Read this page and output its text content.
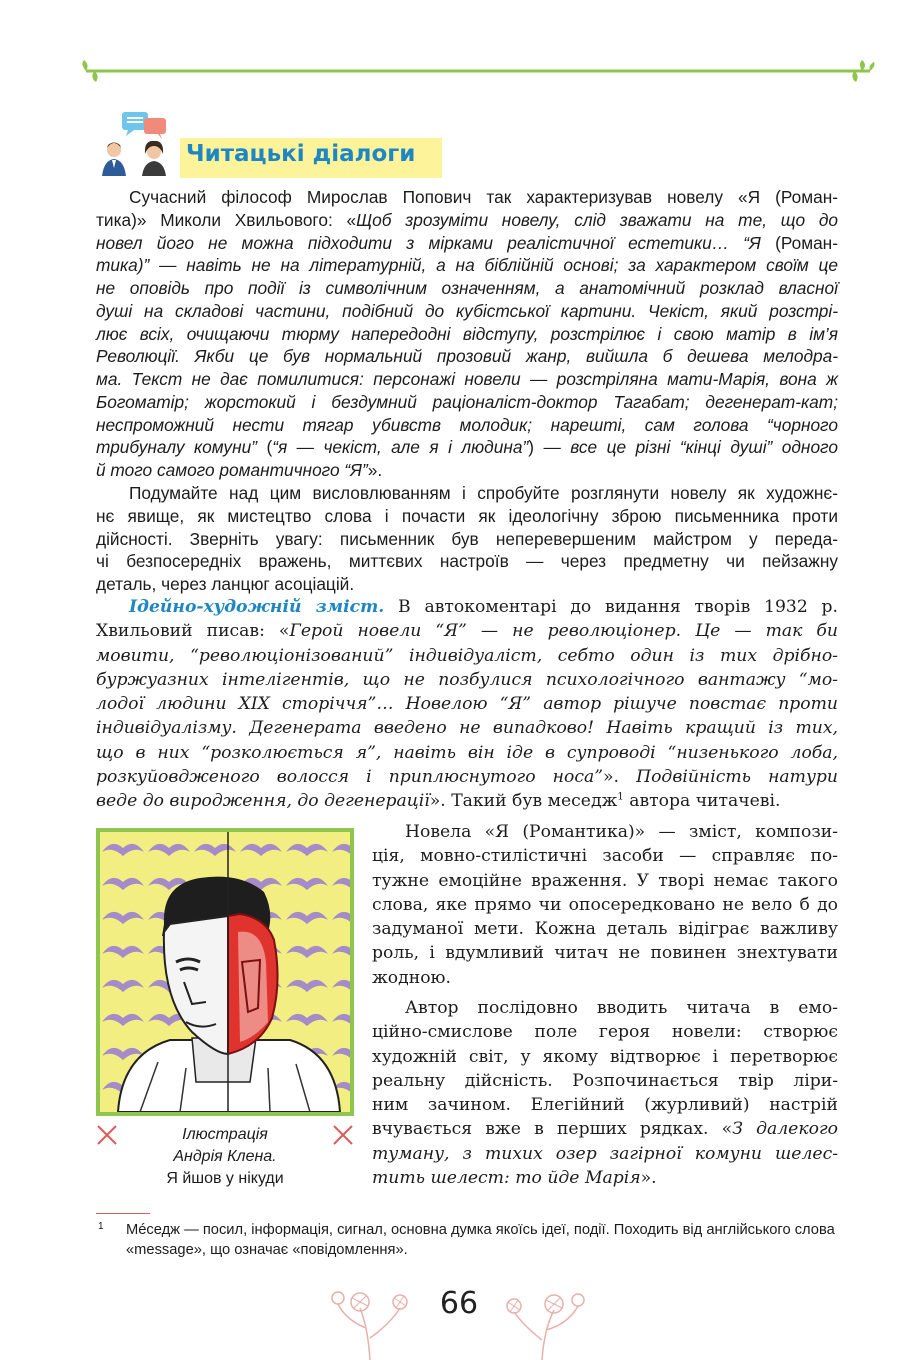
Читацькі діалоги
Сучасний філософ Мирослав Попович так характеризував новелу «Я (Роман-
тика)» Миколи Хвильового: «Щоб зрозуміти новелу, слід зважати на те, що до
новел його не можна підходити з мірками реалістичної естетики… “Я (Роман-
тика)” — навіть не на літературній, а на біблійній основі; за характером своїм це
не оповідь про події із символічним означенням, а анатомічний розклад власної
душі на складові частини, подібний до кубістської картини. Чекіст, який розстрі-
лює всіх, очищаючи тюрму напередодні відступу, розстрілює і свою матір в ім’я
Революції. Якби це був нормальний прозовий жанр, вийшла б дешева мелодра-
ма. Текст не дає помилитися: персонажі новели — розстріляна мати-Марія, вона ж
Богоматір; жорстокий і бездумний раціоналіст-доктор Тагабат; дегенерат-кат;
неспроможний нести тягар убивств молодик; нарешті, сам голова “чорного
трибуналу комуни” (“я — чекіст, але я і людина”) — все це різні “кінці душі” одного
й того самого романтичного “Я”».
Подумайте над цим висловлюванням і спробуйте розглянути новелу як художнє-
нє явище, як мистецтво слова і почасти як ідеологічну зброю письменника проти
дійсності. Зверніть увагу: письменник був неперевершеним майстром у переда-
чі безпосередніх вражень, миттєвих настроїв — через предметну чи пейзажну
деталь, через ланцюг асоціацій.
Ідейно-художній зміст. В автокоментарі до видання творів 1932 р.
Хвильовий писав: «Герой новели “Я” — не революціонер. Це — так би
мовити, “революціонізований” індивідуаліст, себто один із тих дрібно-
буржуазних інтелігентів, що не позбулися психологічного вантажу “мо-
лодої людини XIX сторіччя”… Новелою “Я” автор рішуче повстає проти
індивідуалізму. Дегенерата введено не випадково! Навіть кращий із тих,
що в них “розколюється я”, навіть він іде в супроводі “низенького лоба,
розкуйовдженого волосся і приплюснутого носа”». Подвійність натури
веде до виродження, до дегенерації». Такий був меседж$^1$ автора читачеві.
Новела «Я (Романтика)» — зміст, компози-
ція, мовно-стилістичні засоби — справляє по-
тужне емоційне враження. У творі немає такого
слова, яке прямо чи опосередковано не вело б до
задуманої мети. Кожна деталь відіграє важливу
роль, і вдумливий читач не повинен знехтувати
жодною.
Автор послідовно вводить читача в емо-
ційно-смислове поле героя новели: створює
художній світ, у якому відтворює і перетворює
реальну дійсність. Розпочинається твір ліри-
ним зачином. Елегійний (журливий) настрій
вчувається вже в перших рядках. «З далекого
туману, з тихих озер загірної комуни шелес-
тить шелест: то йде Марія».
Ілюстрація
Андрія Клена.
Я йшов у нікуди
1 Méседж — посил, інформація, сигнал, основна думка якоїсь ідеї, події. Походить від англійського слова «message», що означає «повідомлення».
66
